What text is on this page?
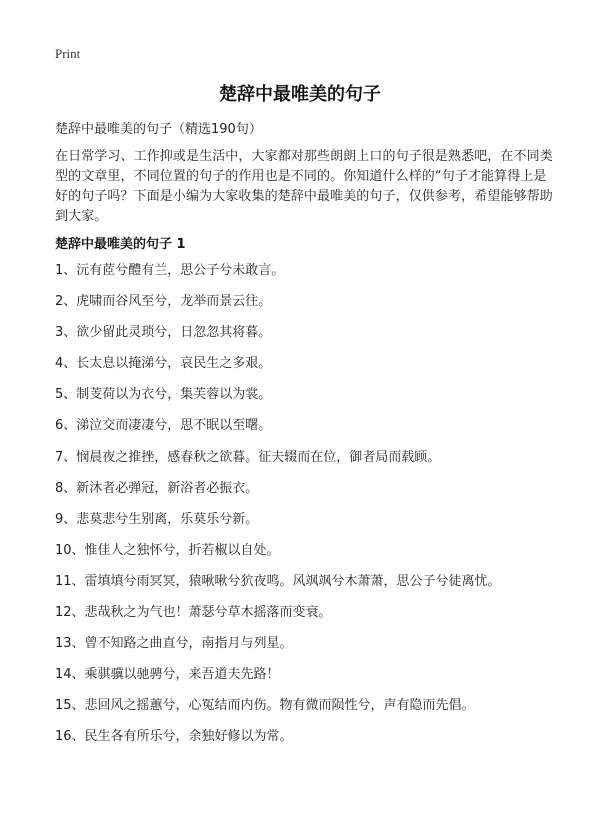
Print
楚辞中最唯美的句子
楚辞中最唯美的句子（精选190句）
在日常学习、工作抑或是生活中，大家都对那些朗朗上口的句子很是熟悉吧，在不同类型的文章里，不同位置的句子的作用也是不同的。你知道什么样的“句子才能算得上是好的句子吗？下面是小编为大家收集的楚辞中最唯美的句子，仅供参考，希望能够帮助到大家。
楚辞中最唯美的句子 1
1、沅有茝兮醴有兰，思公子兮未敢言。
2、虎啸而谷风至兮，龙举而景云往。
3、欲少留此灵琐兮，日忽忽其将暮。
4、长太息以掩涕兮，哀民生之多艰。
5、制芰荷以为衣兮，集芙蓉以为裳。
6、涕泣交而凄凄兮，思不眠以至曙。
7、悯晨夜之推挫，感春秋之欲暮。征夫辍而在位，御者局而载顾。
8、新沐者必弹冠，新浴者必振衣。
9、悲莫悲兮生别离，乐莫乐兮新。
10、惟佳人之独怀兮，折若椒以自处。
11、雷填填兮雨冥冥，猿啾啾兮狖夜鸣。风飒飒兮木萧萧，思公子兮徒离忧。
12、悲哉秋之为气也！萧瑟兮草木摇落而变衰。
13、曾不知路之曲直兮，南指月与列星。
14、乘骐骥以驰骋兮，来吾道夫先路！
15、悲回风之摇蕙兮，心冤结而内伤。物有微而陨性兮，声有隐而先倡。
16、民生各有所乐兮，余独好修以为常。
